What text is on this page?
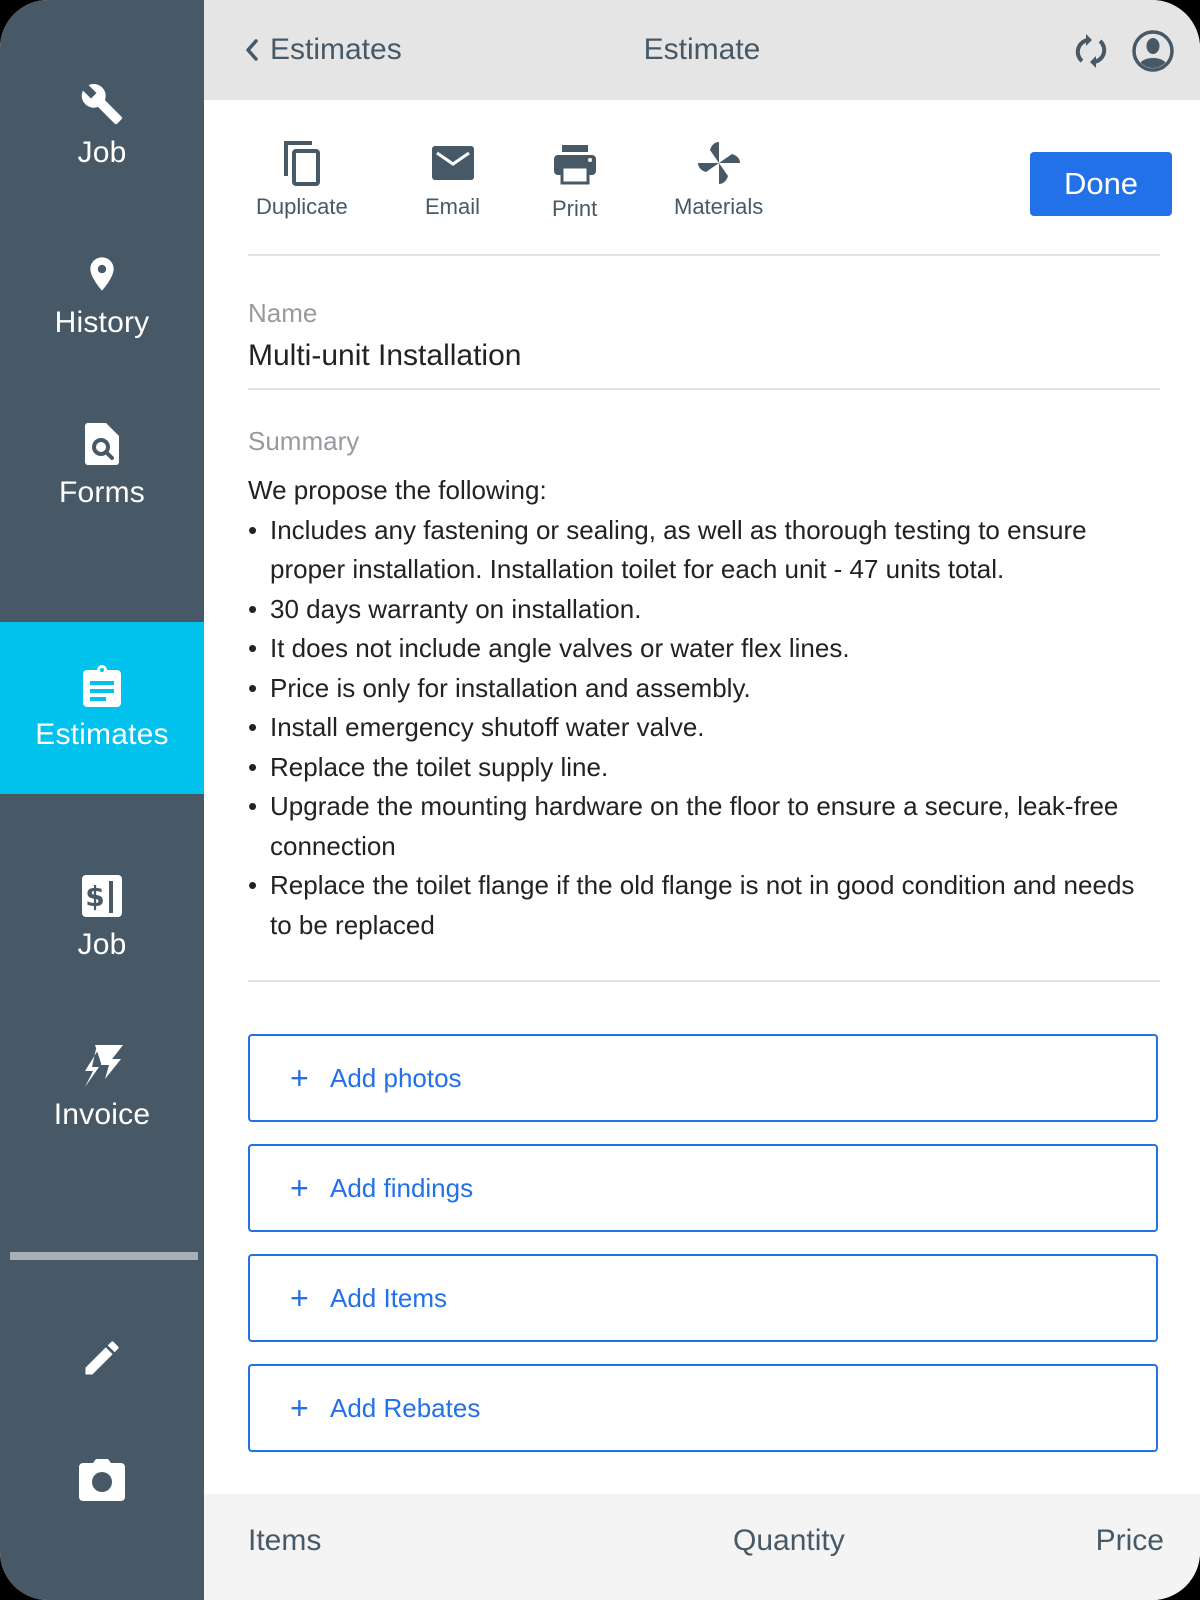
Job
History
Forms
Estimates
$
Job
Invoice
Estimates	Estimate
Duplicate	Email	Print	Materials
Done
Name
Multi-unit Installation
Summary
We propose the following:
• Includes any fastening or sealing, as well as thorough testing to ensure proper installation. Installation toilet for each unit - 47 units total.
• 30 days warranty on installation.
• It does not include angle valves or water flex lines.
• Price is only for installation and assembly.
• Install emergency shutoff water valve.
• Replace the toilet supply line.
• Upgrade the mounting hardware on the floor to ensure a secure, leak-free connection
• Replace the toilet flange if the old flange is not in good condition and needs to be replaced
+ Add photos
+ Add findings
+ Add Items
+ Add Rebates
Items	Quantity	Price
